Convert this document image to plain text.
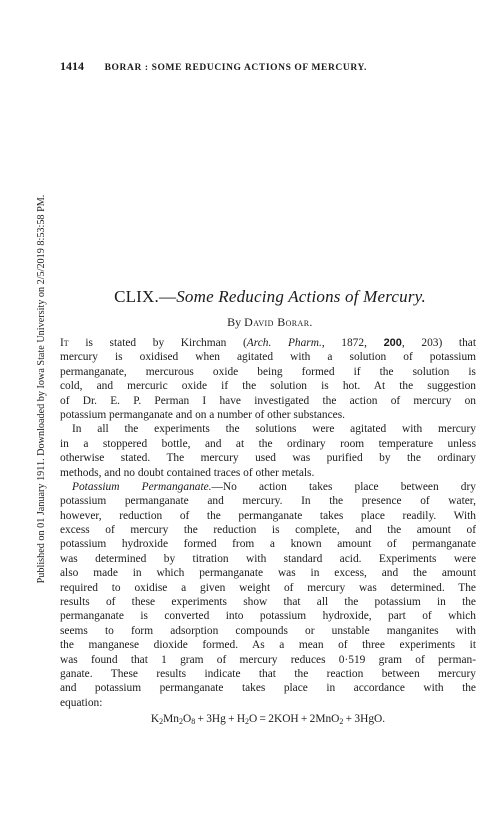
1414 BORAR : SOME REDUCING ACTIONS OF MERCURY.
Published on 01 January 1911. Downloaded by Iowa State University on 2/5/2019 8:53:58 PM.	CLIX.—Some Reducing Actions of Mercury.
By David Borar.
It is stated by Kirchman (Arch. Pharm., 1872, 200, 203) that
mercury is oxidised when agitated with a solution of potassium
permanganate, mercurous oxide being formed if the solution is
cold, and mercuric oxide if the solution is hot. At the suggestion
of Dr. E. P. Perman I have investigated the action of mercury on
potassium permanganate and on a number of other substances.
In all the experiments the solutions were agitated with mercury
in a stoppered bottle, and at the ordinary room temperature unless
otherwise stated. The mercury used was purified by the ordinary
methods, and no doubt contained traces of other metals.
Potassium Permanganate.—No action takes place between dry
potassium permanganate and mercury. In the presence of water,
however, reduction of the permanganate takes place readily. With
excess of mercury the reduction is complete, and the amount of
potassium hydroxide formed from a known amount of permanganate
was determined by titration with standard acid. Experiments were
also made in which permanganate was in excess, and the amount
required to oxidise a given weight of mercury was determined. The
results of these experiments show that all the potassium in the
permanganate is converted into potassium hydroxide, part of which
seems to form adsorption compounds or unstable manganites with
the manganese dioxide formed. As a mean of three experiments it
was found that 1 gram of mercury reduces 0·519 gram of perman-
ganate. These results indicate that the reaction between mercury
and potassium permanganate takes place in accordance with the
equation:
$K_2Mn_2O_8 + 3Hg + H_2O = 2KOH + 2MnO_2 + 3HgO$.
